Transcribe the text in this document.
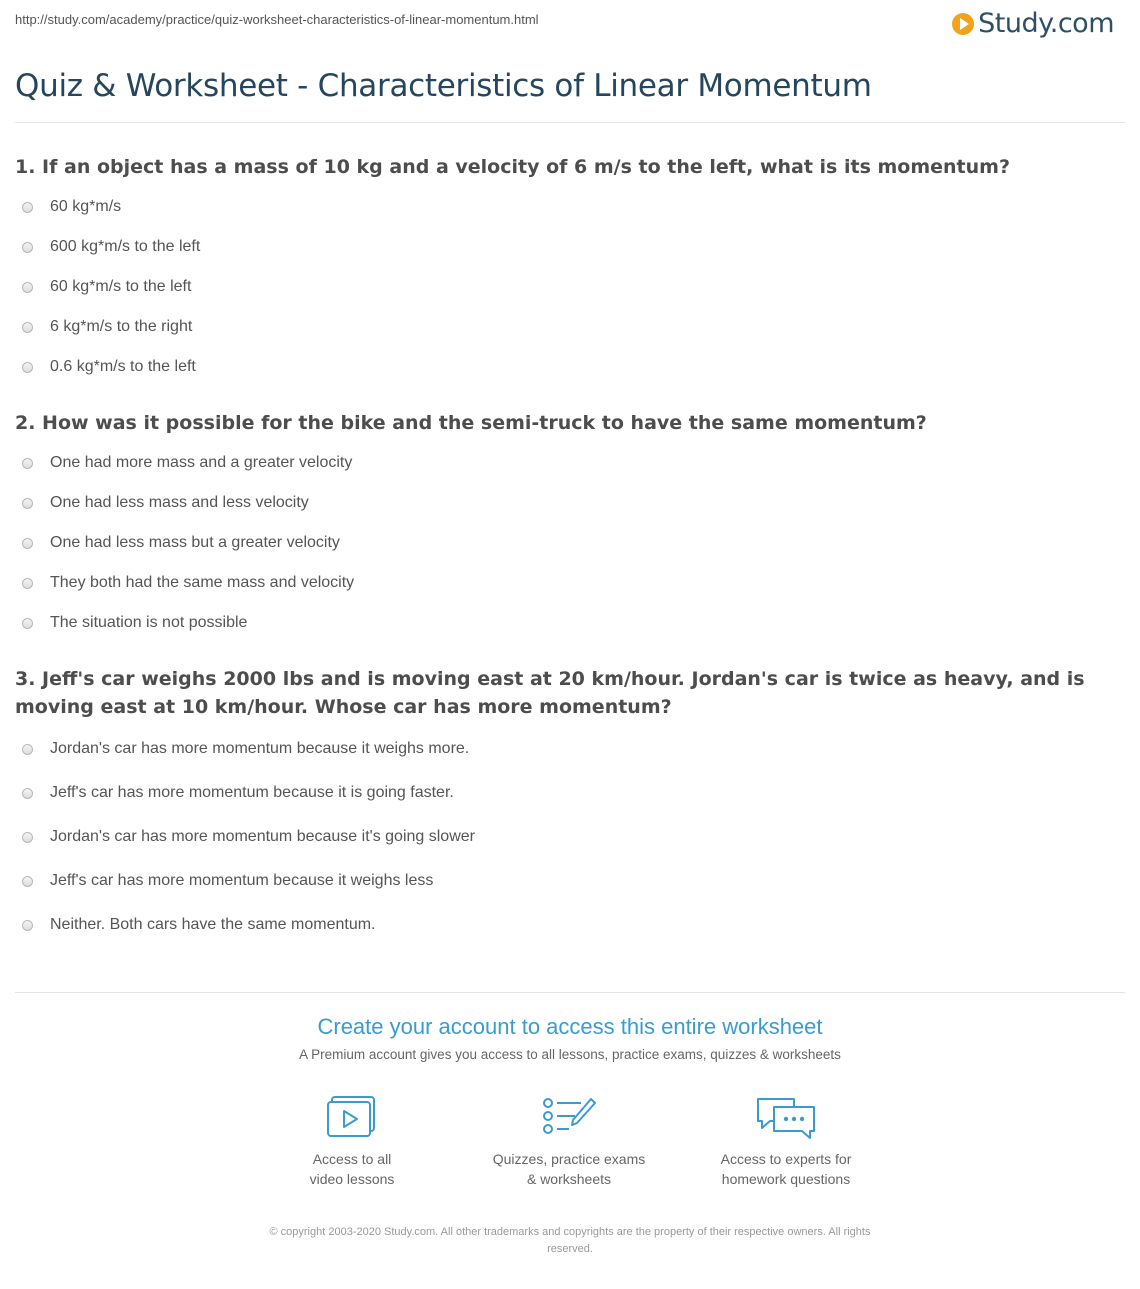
http://study.com/academy/practice/quiz-worksheet-characteristics-of-linear-momentum.html	Study.com
Quiz & Worksheet - Characteristics of Linear Momentum

1. If an object has a mass of 10 kg and a velocity of 6 m/s to the left, what is its momentum?

60 kg*m/s
600 kg*m/s to the left
60 kg*m/s to the left
6 kg*m/s to the right
0.6 kg*m/s to the left

2. How was it possible for the bike and the semi-truck to have the same momentum?

One had more mass and a greater velocity
One had less mass and less velocity
One had less mass but a greater velocity
They both had the same mass and velocity
The situation is not possible

3. Jeff's car weighs 2000 lbs and is moving east at 20 km/hour. Jordan's car is twice as heavy, and is moving east at 10 km/hour. Whose car has more momentum?

Jordan's car has more momentum because it weighs more.
Jeff's car has more momentum because it is going faster.
Jordan's car has more momentum because it's going slower
Jeff's car has more momentum because it weighs less
Neither. Both cars have the same momentum.

Create your account to access this entire worksheet

A Premium account gives you access to all lessons, practice exams, quizzes & worksheets
Access to all
video lessons
Quizzes, practice exams
& worksheets
Access to experts for
homework questions
© copyright 2003-2020 Study.com. All other trademarks and copyrights are the property of their respective owners. All rights
reserved.
